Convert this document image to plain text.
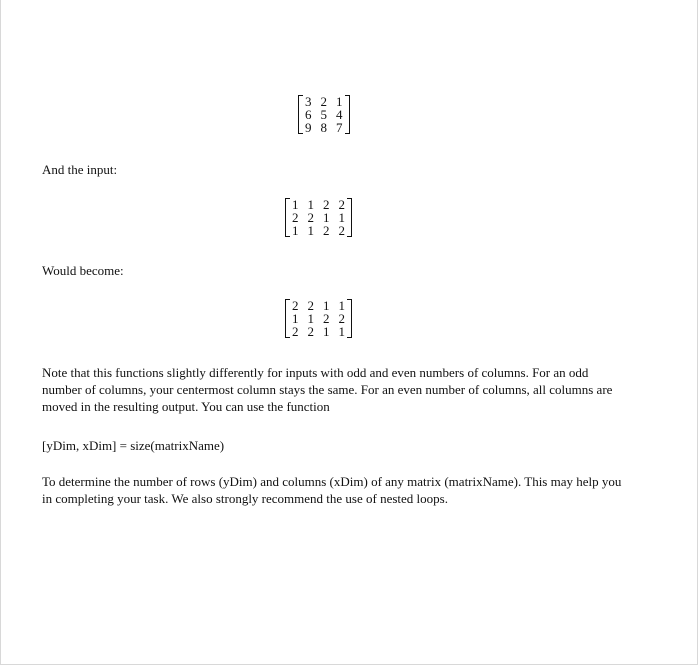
3 2 1
6 5 4
9 8 7

And the input:

1 1 2 2
2 2 1 1
1 1 2 2

Would become:

2 2 1 1
1 1 2 2
2 2 1 1

Note that this functions slightly differently for inputs with odd and even numbers of columns. For an odd number of columns, your centermost column stays the same. For an even number of columns, all columns are moved in the resulting output. You can use the function

[yDim, xDim] = size(matrixName)

To determine the number of rows (yDim) and columns (xDim) of any matrix (matrixName). This may help you in completing your task. We also strongly recommend the use of nested loops.
